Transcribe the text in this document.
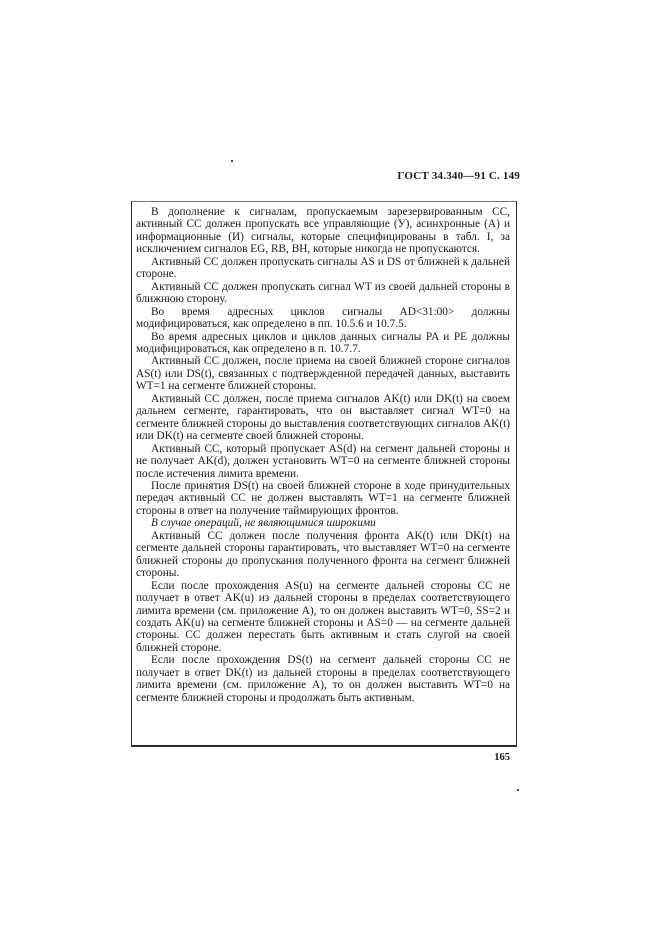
ГОСТ 34.340—91 С. 149

В дополнение к сигналам, пропускаемым зарезервированным СС, активный СС должен пропускать все управляющие (У), асинхронные (А) и информационные (И) сигналы, которые специфицированы в табл. I, за исключением сигналов EG, RB, BH, которые никогда не пропускаются.

Активный СС должен пропускать сигналы AS и DS от ближней к дальней стороне.

Активный СС должен пропускать сигнал WT из своей дальней стороны в ближнюю сторону.

Во время адресных циклов сигналы AD<31:00> должны модифицироваться, как определено в пп. 10.5.6 и 10.7.5.

Во время адресных циклов и циклов данных сигналы PA и PE должны модифицироваться, как определено в п. 10.7.7.

Активный СС должен, после приема на своей ближней стороне сигналов AS(t) или DS(t), связанных с подтвержденной передачей данных, выставить WT=1 на сегменте ближней стороны.

Активный СС должен, после приема сигналов AK(t) или DK(t) на своем дальнем сегменте, гарантировать, что он выставляет сигнал WT=0 на сегменте ближней стороны до выставления соответствующих сигналов AK(t) или DK(t) на сегменте своей ближней стороны.

Активный СС, который пропускает AS(d) на сегмент дальней стороны и не получает AK(d), должен установить WT=0 на сегменте ближней стороны после истечения лимита времени.

После принятия DS(t) на своей ближней стороне в ходе принудительных передач активный СС не должен выставлять WT=1 на сегменте ближней стороны в ответ на получение таймирующих фронтов.

В случае операций, не являющимися широкими

Активный СС должен после получения фронта AK(t) или DK(t) на сегменте дальней стороны гарантировать, что выставляет WT=0 на сегменте ближней стороны до пропускания полученного фронта на сегмент ближней стороны.

Если после прохождения AS(u) на сегменте дальней стороны СС не получает в ответ AK(u) из дальней стороны в пределах соответствующего лимита времени (см. приложение А), то он должен выставить WT=0, SS=2 и создать AK(u) на сегменте ближней стороны и AS=0 — на сегменте дальней стороны. СС должен перестать быть активным и стать слугой на своей ближней стороне.

Если после прохождения DS(t) на сегмент дальней стороны СС не получает в ответ DK(t) из дальней стороны в пределах соответствующего лимита времени (см. приложение А), то он должен выставить WT=0 на сегменте ближней стороны и продолжать быть активным.

165
